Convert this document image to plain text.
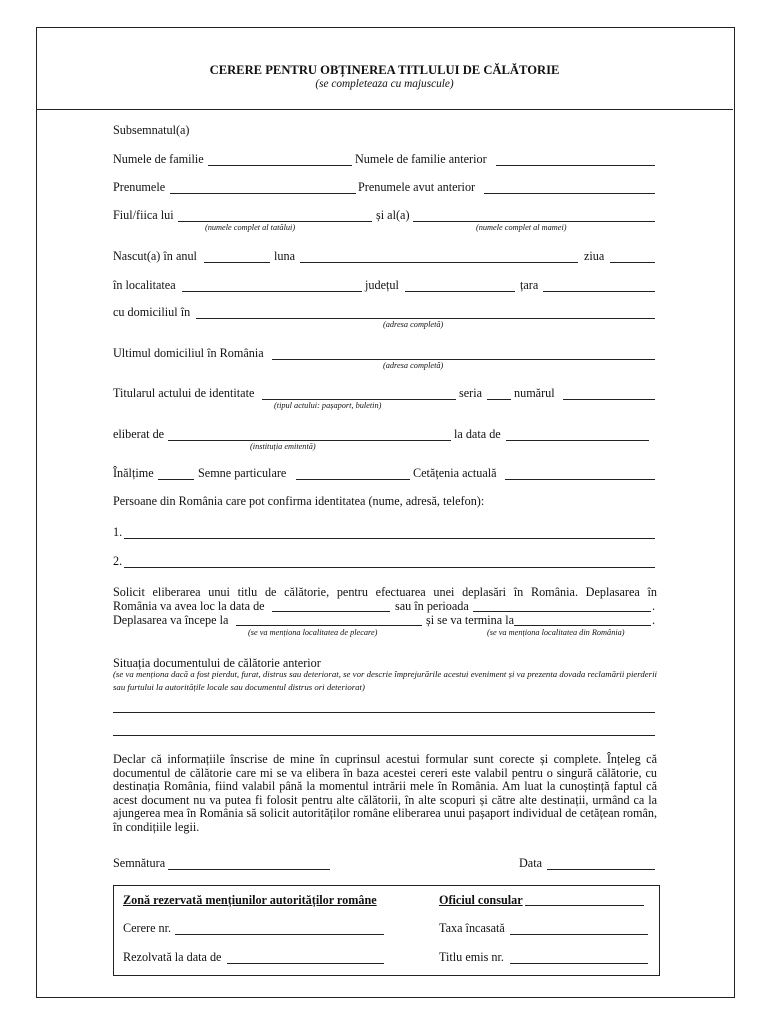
CERERE PENTRU OBȚINEREA TITLULUI DE CĂLĂTORIE
(se completeaza cu majuscule)
Subsemnatul(a)
Numele de familie	Numele de familie anterior
Prenumele	Prenumele avut anterior
Fiul/fiica lui
(numele complet al tatălui)
și al(a)
(numele complet al mamei)
Nascut(a) în anul	luna	ziua
în localitatea	județul	țara
cu domiciliul în
(adresa completă)
Ultimul domiciliul în România
(adresa completă)
Titularul actului de identitate
(tipul actului: pașaport, buletin)
seria	numărul
eliberat de
(instituția emitentă)
la data de
Înălțime	Semne particulare	Cetățenia actuală
Persoane din România care pot confirma identitatea (nume, adresă, telefon):
1.
2.
Solicit eliberarea unui titlu de călătorie, pentru efectuarea unei deplasări în România. Deplasarea în
România va avea loc la data de	sau în perioada	.
Deplasarea va începe la	și se va termina la	.
(se va menționa localitatea de plecare)	(se va menționa localitatea din România)
Situația documentului de călătorie anterior
(se va menționa dacă a fost pierdut, furat, distrus sau deteriorat, se vor descrie împrejurările acestui eveniment și va prezenta dovada reclamării pierderii sau furtului la autoritățile locale sau documentul distrus ori deteriorat)
Declar că informațiile înscrise de mine în cuprinsul acestui formular sunt corecte și complete. Înțeleg că documentul de călătorie care mi se va elibera în baza acestei cereri este valabil pentru o singură călătorie, cu destinația România, fiind valabil până la momentul intrării mele în România. Am luat la cunoștință faptul că acest document nu va putea fi folosit pentru alte călătorii, în alte scopuri și către alte destinații, urmând ca la ajungerea mea în România să solicit autorităților române eliberarea unui pașaport individual de cetățean român, în condițiile legii.
Semnătura	Data
Zonă rezervată mențiunilor autorităților române	Oficiul consular
Cerere nr.	Taxa încasată
Rezolvată la data de	Titlu emis nr.
